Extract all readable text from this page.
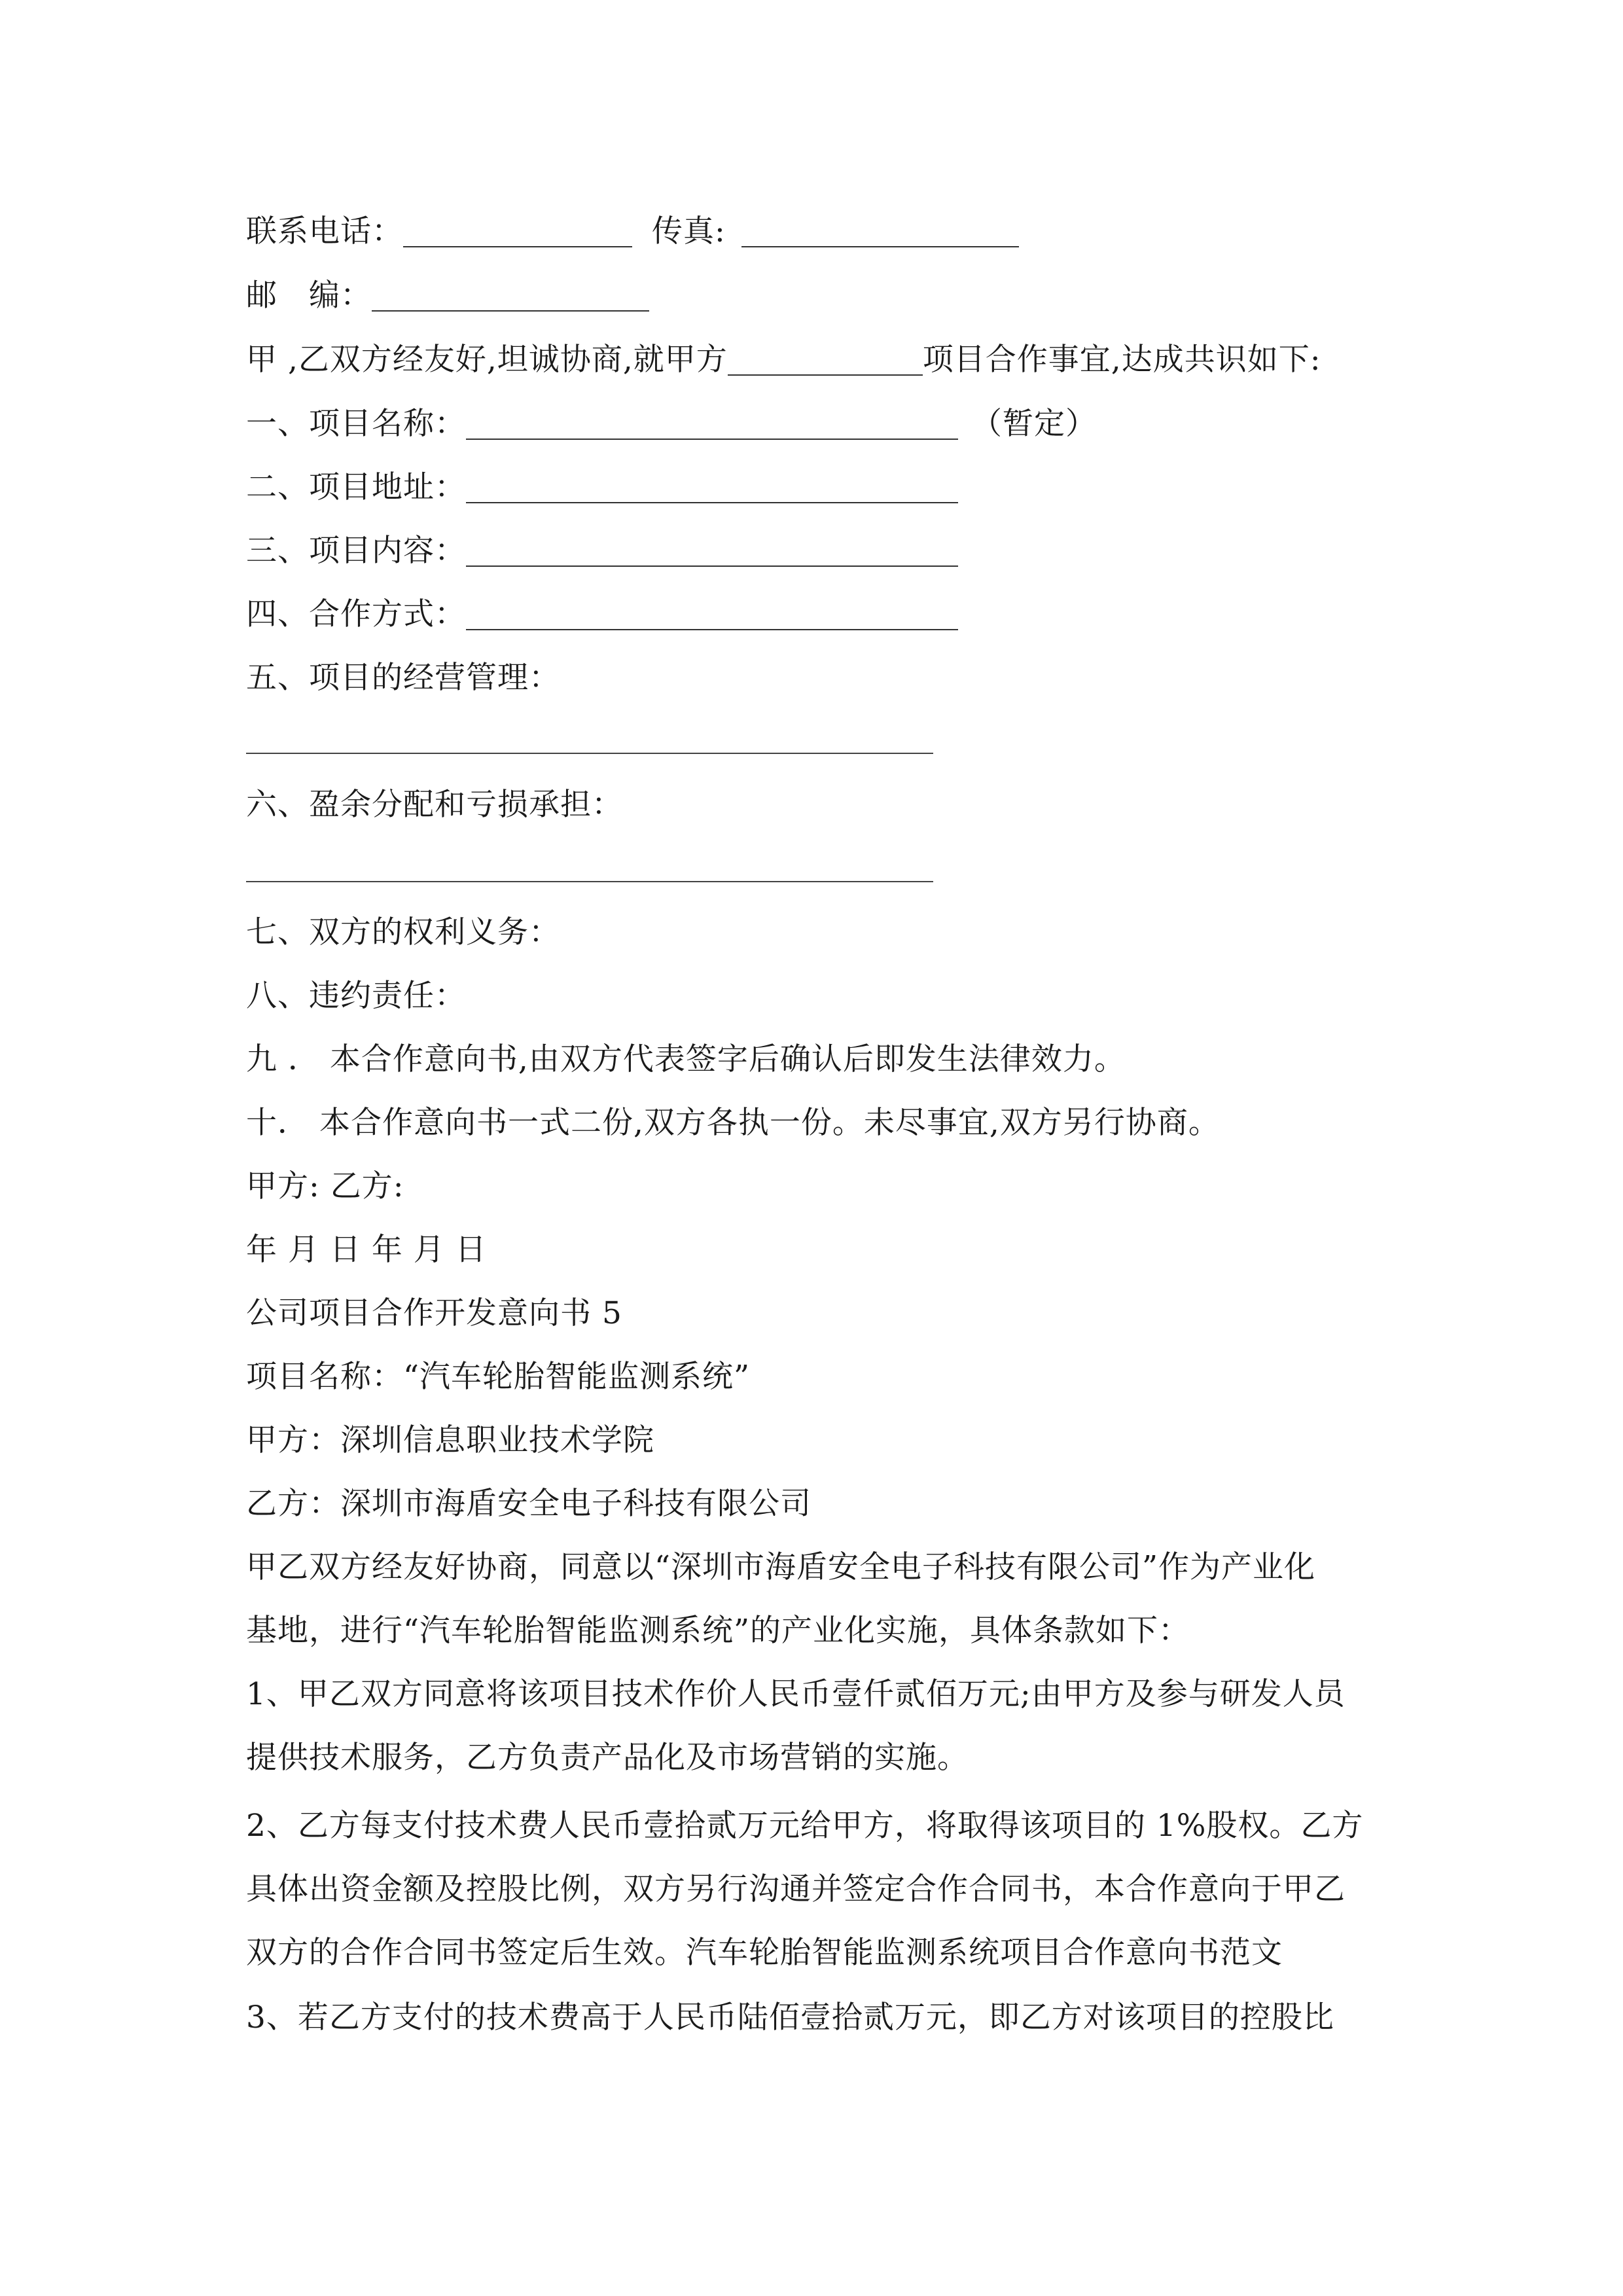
联系电话：	传真:
邮　编：
甲 ,乙双方经友好,坦诚协商,就甲方	项目合作事宜,达成共识如下:
一、项目名称：	（暂定）
二、项目地址：
三、项目内容：
四、合作方式：
五、项目的经营管理：
六、盈余分配和亏损承担：
七、双方的权利义务：
八、违约责任：
九 ． 本合作意向书,由双方代表签字后确认后即发生法律效力。
十． 本合作意向书一式二份,双方各执一份。未尽事宜,双方另行协商。
甲方: 乙方:
年 月 日 年 月 日
公司项目合作开发意向书 5
项目名称：“汽车轮胎智能监测系统”
甲方：深圳信息职业技术学院
乙方：深圳市海盾安全电子科技有限公司
甲乙双方经友好协商，同意以“深圳市海盾安全电子科技有限公司”作为产业化
基地，进行“汽车轮胎智能监测系统”的产业化实施，具体条款如下：
1、甲乙双方同意将该项目技术作价人民币壹仟贰佰万元;由甲方及参与研发人员
提供技术服务，乙方负责产品化及市场营销的实施。
2、乙方每支付技术费人民币壹拾贰万元给甲方，将取得该项目的 1%股权。乙方
具体出资金额及控股比例，双方另行沟通并签定合作合同书，本合作意向于甲乙
双方的合作合同书签定后生效。汽车轮胎智能监测系统项目合作意向书范文
3、若乙方支付的技术费高于人民币陆佰壹拾贰万元，即乙方对该项目的控股比
